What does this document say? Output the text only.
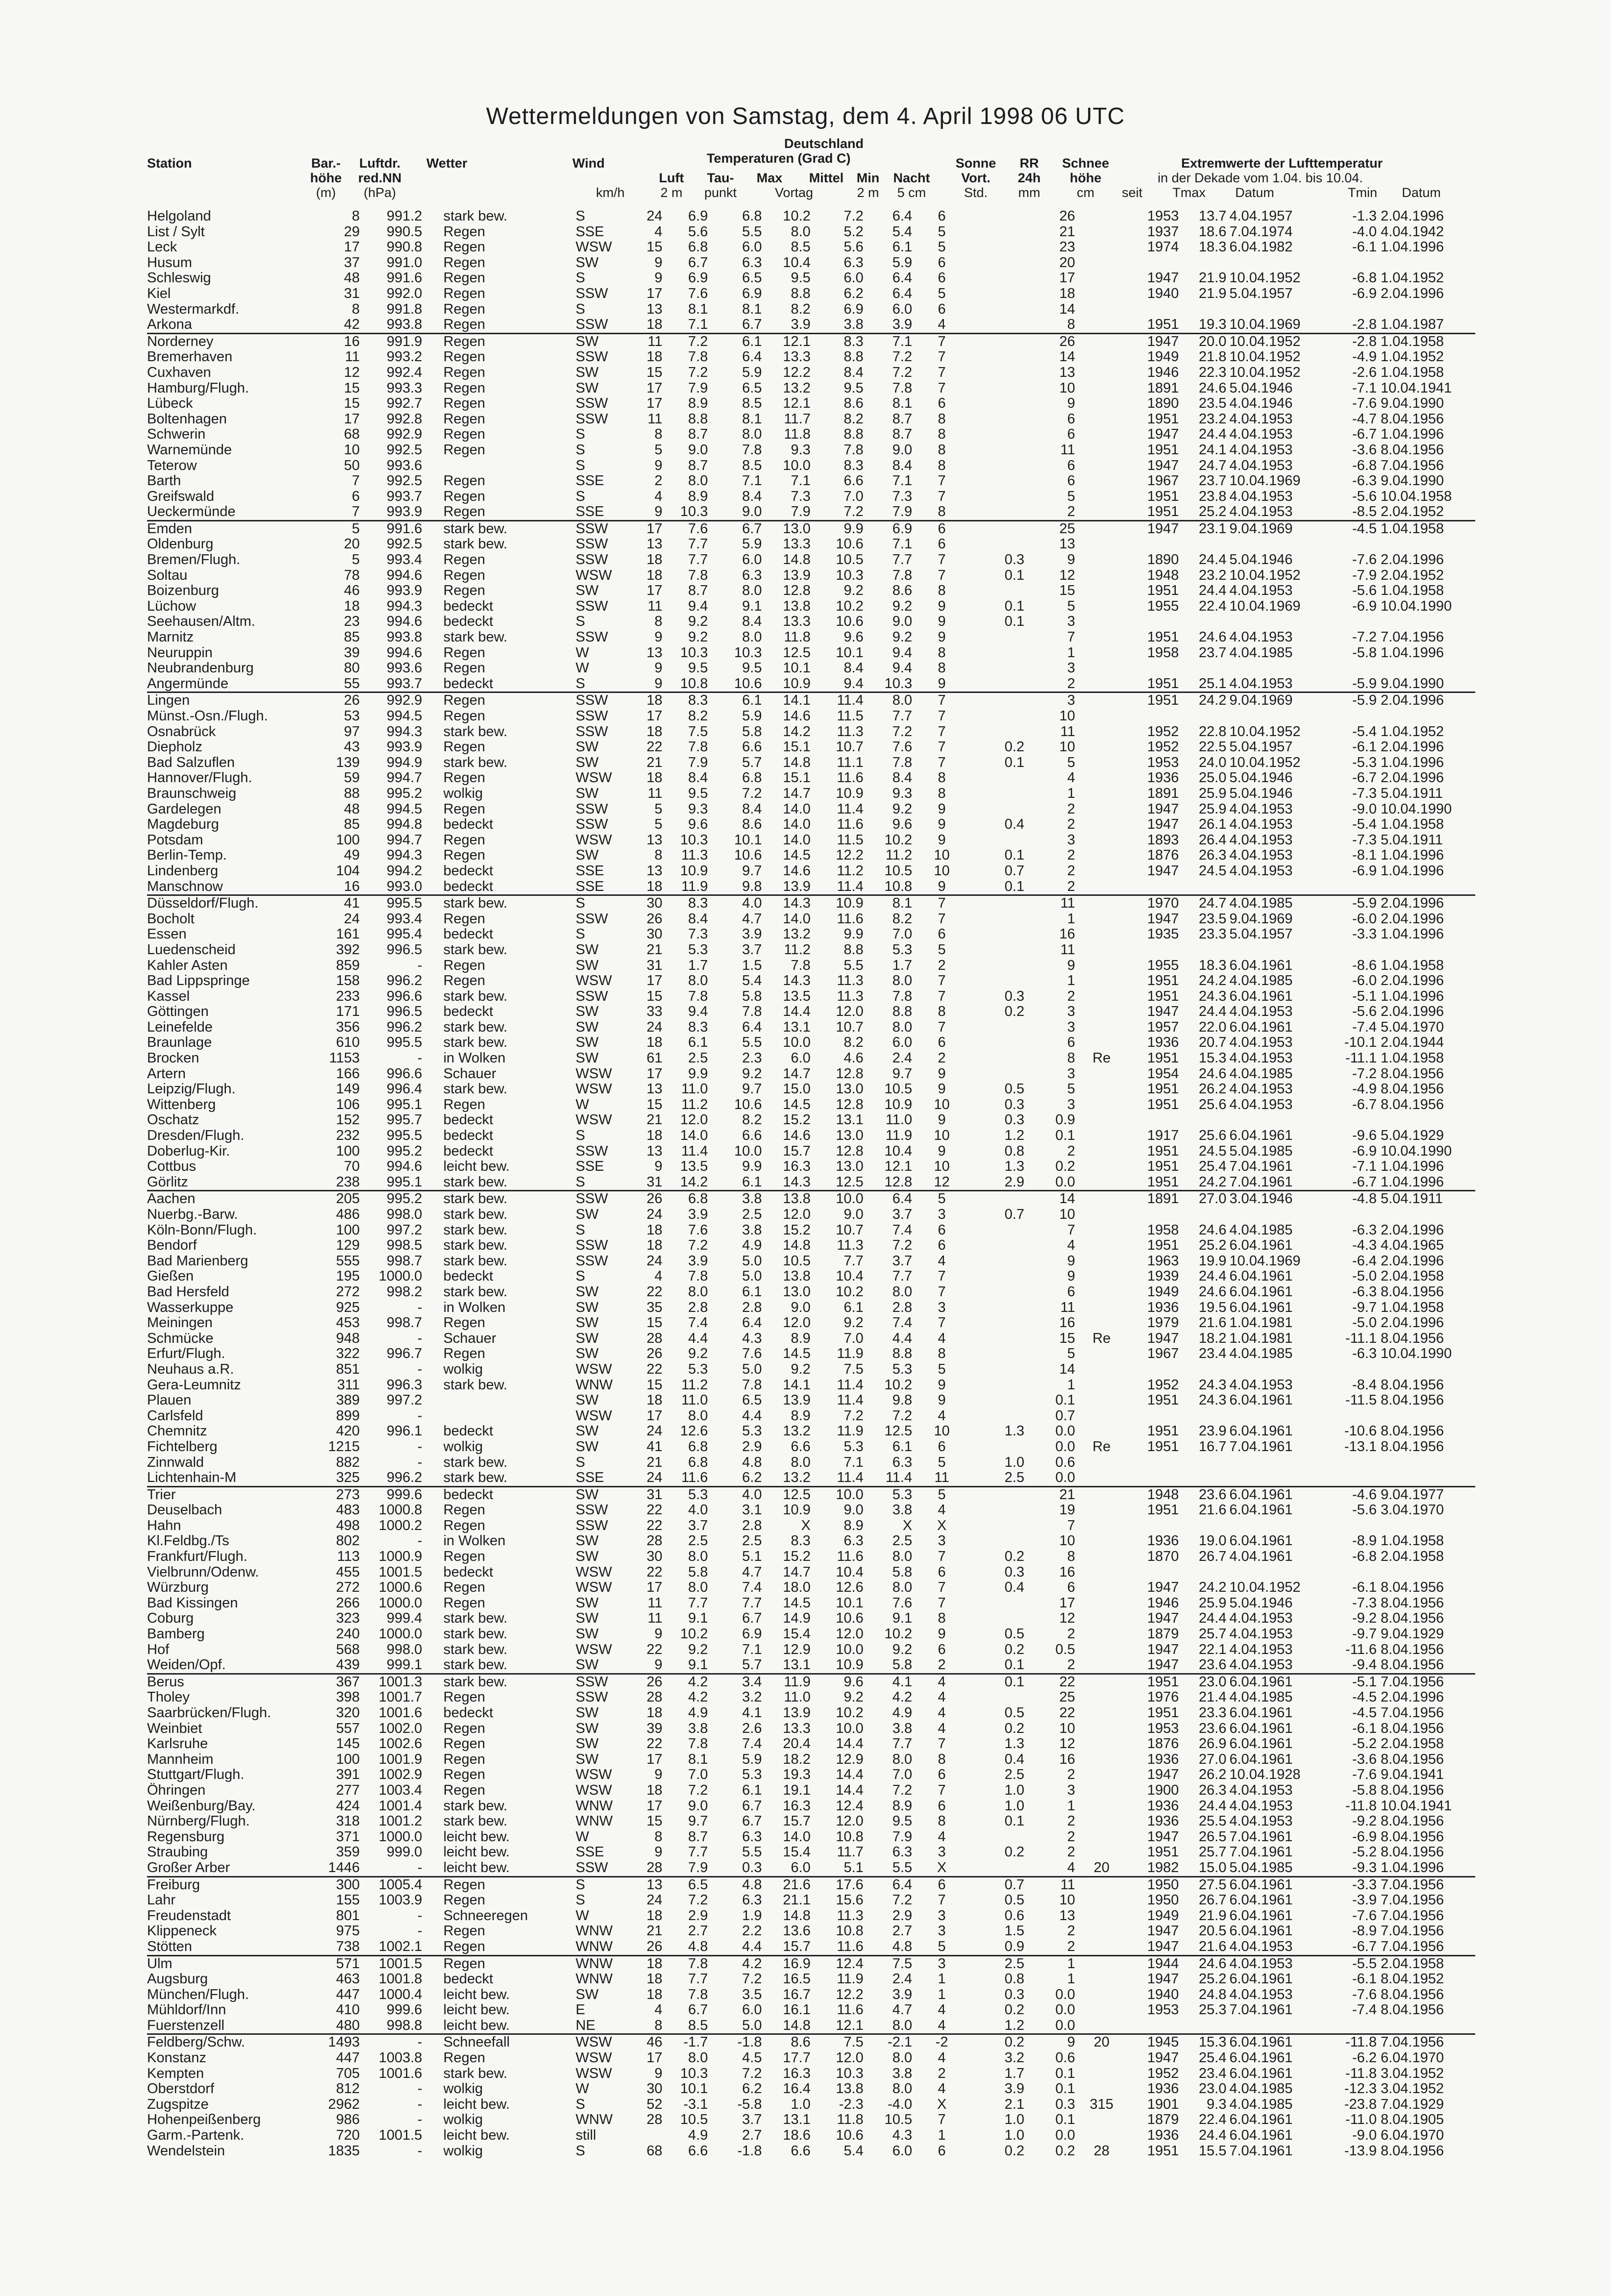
Wettermeldungen von Samstag, dem 4. April 1998 06 UTC
Station	Bar.-
höhe
(m)
Luftdr.
red.NN
(hPa)
Wetter	Wind
km/h
Deutschland
Temperaturen (Grad C)
Luft
2 m
Tau-
punkt
Max
Vortag
Mittel Min
2 m
Nacht
5 cm
Sonne
Vort.
Std.
RR
24h
mm
Schnee
höhe
cm
Extremwerte der Lufttemperatur
in der Dekade vom 1.04. bis 10.04.
seit	Tmax	Datum	Tmin	Datum
Helgoland	8	991.2		stark bew.	S	24	6.9	6.8	10.2	7.2	6.4	6		26		1953	13.7	4.04.1957	-1.3	2.04.1996
List / Sylt	29	990.5		Regen	SSE	4	5.6	5.5	8.0	5.2	5.4	5		21		1937	18.6	7.04.1974	-4.0	4.04.1942
Leck	17	990.8		Regen	WSW	15	6.8	6.0	8.5	5.6	6.1	5		23		1974	18.3	6.04.1982	-6.1	1.04.1996
Husum	37	991.0		Regen	SW	9	6.7	6.3	10.4	6.3	5.9	6		20						
Schleswig	48	991.6		Regen	S	9	6.9	6.5	9.5	6.0	6.4	6		17		1947	21.9	10.04.1952	-6.8	1.04.1952
Kiel	31	992.0		Regen	SSW	17	7.6	6.9	8.8	6.2	6.4	5		18		1940	21.9	5.04.1957	-6.9	2.04.1996
Westermarkdf.	8	991.8		Regen	S	13	8.1	8.1	8.2	6.9	6.0	6		14						
Arkona	42	993.8		Regen	SSW	18	7.1	6.7	3.9	3.8	3.9	4		8		1951	19.3	10.04.1969	-2.8	1.04.1987
Norderney	16	991.9		Regen	SW	11	7.2	6.1	12.1	8.3	7.1	7		26		1947	20.0	10.04.1952	-2.8	1.04.1958
Bremerhaven	11	993.2		Regen	SSW	18	7.8	6.4	13.3	8.8	7.2	7		14		1949	21.8	10.04.1952	-4.9	1.04.1952
Cuxhaven	12	992.4		Regen	SW	15	7.2	5.9	12.2	8.4	7.2	7		13		1946	22.3	10.04.1952	-2.6	1.04.1958
Hamburg/Flugh.	15	993.3		Regen	SW	17	7.9	6.5	13.2	9.5	7.8	7		10		1891	24.6	5.04.1946	-7.1	10.04.1941
Lübeck	15	992.7		Regen	SSW	17	8.9	8.5	12.1	8.6	8.1	6		9		1890	23.5	4.04.1946	-7.6	9.04.1990
Boltenhagen	17	992.8		Regen	SSW	11	8.8	8.1	11.7	8.2	8.7	8		6		1951	23.2	4.04.1953	-4.7	8.04.1956
Schwerin	68	992.9		Regen	S	8	8.7	8.0	11.8	8.8	8.7	8		6		1947	24.4	4.04.1953	-6.7	1.04.1996
Warnemünde	10	992.5		Regen	S	5	9.0	7.8	9.3	7.8	9.0	8		11		1951	24.1	4.04.1953	-3.6	8.04.1956
Teterow	50	993.6			S	9	8.7	8.5	10.0	8.3	8.4	8		6		1947	24.7	4.04.1953	-6.8	7.04.1956
Barth	7	992.5		Regen	SSE	2	8.0	7.1	7.1	6.6	7.1	7		6		1967	23.7	10.04.1969	-6.3	9.04.1990
Greifswald	6	993.7		Regen	S	4	8.9	8.4	7.3	7.0	7.3	7		5		1951	23.8	4.04.1953	-5.6	10.04.1958
Ueckermünde	7	993.9		Regen	SSE	9	10.3	9.0	7.9	7.2	7.9	8		2		1951	25.2	4.04.1953	-8.5	2.04.1952
Emden	5	991.6		stark bew.	SSW	17	7.6	6.7	13.0	9.9	6.9	6		25		1947	23.1	9.04.1969	-4.5	1.04.1958
Oldenburg	20	992.5		stark bew.	SSW	13	7.7	5.9	13.3	10.6	7.1	6		13						
Bremen/Flugh.	5	993.4		Regen	SSW	18	7.7	6.0	14.8	10.5	7.7	7	0.3	9		1890	24.4	5.04.1946	-7.6	2.04.1996
Soltau	78	994.6		Regen	WSW	18	7.8	6.3	13.9	10.3	7.8	7	0.1	12		1948	23.2	10.04.1952	-7.9	2.04.1952
Boizenburg	46	993.9		Regen	SW	17	8.7	8.0	12.8	9.2	8.6	8		15		1951	24.4	4.04.1953	-5.6	1.04.1958
Lüchow	18	994.3		bedeckt	SSW	11	9.4	9.1	13.8	10.2	9.2	9	0.1	5		1955	22.4	10.04.1969	-6.9	10.04.1990
Seehausen/Altm.	23	994.6		bedeckt	S	8	9.2	8.4	13.3	10.6	9.0	9	0.1	3						
Marnitz	85	993.8		stark bew.	SSW	9	9.2	8.0	11.8	9.6	9.2	9		7		1951	24.6	4.04.1953	-7.2	7.04.1956
Neuruppin	39	994.6		Regen	W	13	10.3	10.3	12.5	10.1	9.4	8		1		1958	23.7	4.04.1985	-5.8	1.04.1996
Neubrandenburg	80	993.6		Regen	W	9	9.5	9.5	10.1	8.4	9.4	8		3						
Angermünde	55	993.7		bedeckt	S	9	10.8	10.6	10.9	9.4	10.3	9		2		1951	25.1	4.04.1953	-5.9	9.04.1990
Lingen	26	992.9		Regen	SSW	18	8.3	6.1	14.1	11.4	8.0	7		3		1951	24.2	9.04.1969	-5.9	2.04.1996
Münst.-Osn./Flugh.	53	994.5		Regen	SSW	17	8.2	5.9	14.6	11.5	7.7	7		10						
Osnabrück	97	994.3		stark bew.	SSW	18	7.5	5.8	14.2	11.3	7.2	7		11		1952	22.8	10.04.1952	-5.4	1.04.1952
Diepholz	43	993.9		Regen	SW	22	7.8	6.6	15.1	10.7	7.6	7	0.2	10		1952	22.5	5.04.1957	-6.1	2.04.1996
Bad Salzuflen	139	994.9		stark bew.	SW	21	7.9	5.7	14.8	11.1	7.8	7	0.1	5		1953	24.0	10.04.1952	-5.3	1.04.1996
Hannover/Flugh.	59	994.7		Regen	WSW	18	8.4	6.8	15.1	11.6	8.4	8		4		1936	25.0	5.04.1946	-6.7	2.04.1996
Braunschweig	88	995.2		wolkig	SW	11	9.5	7.2	14.7	10.9	9.3	8		1		1891	25.9	5.04.1946	-7.3	5.04.1911
Gardelegen	48	994.5		Regen	SSW	5	9.3	8.4	14.0	11.4	9.2	9		2		1947	25.9	4.04.1953	-9.0	10.04.1990
Magdeburg	85	994.8		bedeckt	SSW	5	9.6	8.6	14.0	11.6	9.6	9	0.4	2		1947	26.1	4.04.1953	-5.4	1.04.1958
Potsdam	100	994.7		Regen	WSW	13	10.3	10.1	14.0	11.5	10.2	9		3		1893	26.4	4.04.1953	-7.3	5.04.1911
Berlin-Temp.	49	994.3		Regen	SW	8	11.3	10.6	14.5	12.2	11.2	10	0.1	2		1876	26.3	4.04.1953	-8.1	1.04.1996
Lindenberg	104	994.2		bedeckt	SSE	13	10.9	9.7	14.6	11.2	10.5	10	0.7	2		1947	24.5	4.04.1953	-6.9	1.04.1996
Manschnow	16	993.0		bedeckt	SSE	18	11.9	9.8	13.9	11.4	10.8	9	0.1	2						
Düsseldorf/Flugh.	41	995.5		stark bew.	S	30	8.3	4.0	14.3	10.9	8.1	7		11		1970	24.7	4.04.1985	-5.9	2.04.1996
Bocholt	24	993.4		Regen	SSW	26	8.4	4.7	14.0	11.6	8.2	7		1		1947	23.5	9.04.1969	-6.0	2.04.1996
Essen	161	995.4		bedeckt	S	30	7.3	3.9	13.2	9.9	7.0	6		16		1935	23.3	5.04.1957	-3.3	1.04.1996
Luedenscheid	392	996.5		stark bew.	SW	21	5.3	3.7	11.2	8.8	5.3	5		11						
Kahler Asten	859	-		Regen	SW	31	1.7	1.5	7.8	5.5	1.7	2		9		1955	18.3	6.04.1961	-8.6	1.04.1958
Bad Lippspringe	158	996.2		Regen	WSW	17	8.0	5.4	14.3	11.3	8.0	7		1		1951	24.2	4.04.1985	-6.0	2.04.1996
Kassel	233	996.6		stark bew.	SSW	15	7.8	5.8	13.5	11.3	7.8	7	0.3	2		1951	24.3	6.04.1961	-5.1	1.04.1996
Göttingen	171	996.5		bedeckt	SW	33	9.4	7.8	14.4	12.0	8.8	8	0.2	3		1947	24.4	4.04.1953	-5.6	2.04.1996
Leinefelde	356	996.2		stark bew.	SW	24	8.3	6.4	13.1	10.7	8.0	7		3		1957	22.0	6.04.1961	-7.4	5.04.1970
Braunlage	610	995.5		stark bew.	SW	18	6.1	5.5	10.0	8.2	6.0	6		6		1936	20.7	4.04.1953	-10.1	2.04.1944
Brocken	1153	-		in Wolken	SW	61	2.5	2.3	6.0	4.6	2.4	2		8	Re	1951	15.3	4.04.1953	-11.1	1.04.1958
Artern	166	996.6		Schauer	WSW	17	9.9	9.2	14.7	12.8	9.7	9		3		1954	24.6	4.04.1985	-7.2	8.04.1956
Leipzig/Flugh.	149	996.4		stark bew.	WSW	13	11.0	9.7	15.0	13.0	10.5	9	0.5	5		1951	26.2	4.04.1953	-4.9	8.04.1956
Wittenberg	106	995.1		Regen	W	15	11.2	10.6	14.5	12.8	10.9	10	0.3	3		1951	25.6	4.04.1953	-6.7	8.04.1956
Oschatz	152	995.7		bedeckt	WSW	21	12.0	8.2	15.2	13.1	11.0	9	0.3	0.9						
Dresden/Flugh.	232	995.5		bedeckt	S	18	14.0	6.6	14.6	13.0	11.9	10	1.2	0.1		1917	25.6	6.04.1961	-9.6	5.04.1929
Doberlug-Kir.	100	995.2		bedeckt	SSW	13	11.4	10.0	15.7	12.8	10.4	9	0.8	2		1951	24.5	5.04.1985	-6.9	10.04.1990
Cottbus	70	994.6		leicht bew.	SSE	9	13.5	9.9	16.3	13.0	12.1	10	1.3	0.2		1951	25.4	7.04.1961	-7.1	1.04.1996
Görlitz	238	995.1		stark bew.	S	31	14.2	6.1	14.3	12.5	12.8	12	2.9	0.0		1951	24.2	7.04.1961	-6.7	1.04.1996
Aachen	205	995.2		stark bew.	SSW	26	6.8	3.8	13.8	10.0	6.4	5		14		1891	27.0	3.04.1946	-4.8	5.04.1911
Nuerbg.-Barw.	486	998.0		stark bew.	SW	24	3.9	2.5	12.0	9.0	3.7	3	0.7	10						
Köln-Bonn/Flugh.	100	997.2		stark bew.	S	18	7.6	3.8	15.2	10.7	7.4	6		7		1958	24.6	4.04.1985	-6.3	2.04.1996
Bendorf	129	998.5		stark bew.	SSW	18	7.2	4.9	14.8	11.3	7.2	6		4		1951	25.2	6.04.1961	-4.3	4.04.1965
Bad Marienberg	555	998.7		stark bew.	SSW	24	3.9	5.0	10.5	7.7	3.7	4		9		1963	19.9	10.04.1969	-6.4	2.04.1996
Gießen	195	1000.0		bedeckt	S	4	7.8	5.0	13.8	10.4	7.7	7		9		1939	24.4	6.04.1961	-5.0	2.04.1958
Bad Hersfeld	272	998.2		stark bew.	SW	22	8.0	6.1	13.0	10.2	8.0	7		6		1949	24.6	6.04.1961	-6.3	8.04.1956
Wasserkuppe	925	-		in Wolken	SW	35	2.8	2.8	9.0	6.1	2.8	3		11		1936	19.5	6.04.1961	-9.7	1.04.1958
Meiningen	453	998.7		Regen	SW	15	7.4	6.4	12.0	9.2	7.4	7		16		1979	21.6	1.04.1981	-5.0	2.04.1996
Schmücke	948	-		Schauer	SW	28	4.4	4.3	8.9	7.0	4.4	4		15	Re	1947	18.2	1.04.1981	-11.1	8.04.1956
Erfurt/Flugh.	322	996.7		Regen	SW	26	9.2	7.6	14.5	11.9	8.8	8		5		1967	23.4	4.04.1985	-6.3	10.04.1990
Neuhaus a.R.	851	-		wolkig	WSW	22	5.3	5.0	9.2	7.5	5.3	5		14						
Gera-Leumnitz	311	996.3		stark bew.	WNW	15	11.2	7.8	14.1	11.4	10.2	9		1		1952	24.3	4.04.1953	-8.4	8.04.1956
Plauen	389	997.2			SW	18	11.0	6.5	13.9	11.4	9.8	9		0.1		1951	24.3	6.04.1961	-11.5	8.04.1956
Carlsfeld	899	-			WSW	17	8.0	4.4	8.9	7.2	7.2	4		0.7						
Chemnitz	420	996.1		bedeckt	SW	24	12.6	5.3	13.2	11.9	12.5	10	1.3	0.0		1951	23.9	6.04.1961	-10.6	8.04.1956
Fichtelberg	1215	-		wolkig	SW	41	6.8	2.9	6.6	5.3	6.1	6		0.0	Re	1951	16.7	7.04.1961	-13.1	8.04.1956
Zinnwald	882	-		stark bew.	S	21	6.8	4.8	8.0	7.1	6.3	5	1.0	0.6						
Lichtenhain-M	325	996.2		stark bew.	SSE	24	11.6	6.2	13.2	11.4	11.4	11	2.5	0.0						
Trier	273	999.6		bedeckt	SW	31	5.3	4.0	12.5	10.0	5.3	5		21		1948	23.6	6.04.1961	-4.6	9.04.1977
Deuselbach	483	1000.8		Regen	SSW	22	4.0	3.1	10.9	9.0	3.8	4		19		1951	21.6	6.04.1961	-5.6	3.04.1970
Hahn	498	1000.2		Regen	SSW	22	3.7	2.8	X	8.9	X	X		7						
Kl.Feldbg./Ts	802	-		in Wolken	SW	28	2.5	2.5	8.3	6.3	2.5	3		10		1936	19.0	6.04.1961	-8.9	1.04.1958
Frankfurt/Flugh.	113	1000.9		Regen	SW	30	8.0	5.1	15.2	11.6	8.0	7	0.2	8		1870	26.7	4.04.1961	-6.8	2.04.1958
Vielbrunn/Odenw.	455	1001.5		bedeckt	WSW	22	5.8	4.7	14.7	10.4	5.8	6	0.3	16						
Würzburg	272	1000.6		Regen	WSW	17	8.0	7.4	18.0	12.6	8.0	7	0.4	6		1947	24.2	10.04.1952	-6.1	8.04.1956
Bad Kissingen	266	1000.0		Regen	SW	11	7.7	7.7	14.5	10.1	7.6	7		17		1946	25.9	5.04.1946	-7.3	8.04.1956
Coburg	323	999.4		stark bew.	SW	11	9.1	6.7	14.9	10.6	9.1	8		12		1947	24.4	4.04.1953	-9.2	8.04.1956
Bamberg	240	1000.0		stark bew.	SW	9	10.2	6.9	15.4	12.0	10.2	9	0.5	2		1879	25.7	4.04.1953	-9.7	9.04.1929
Hof	568	998.0		stark bew.	WSW	22	9.2	7.1	12.9	10.0	9.2	6	0.2	0.5		1947	22.1	4.04.1953	-11.6	8.04.1956
Weiden/Opf.	439	999.1		stark bew.	SW	9	9.1	5.7	13.1	10.9	5.8	2	0.1	2		1947	23.6	4.04.1953	-9.4	8.04.1956
Berus	367	1001.3		stark bew.	SSW	26	4.2	3.4	11.9	9.6	4.1	4	0.1	22		1951	23.0	6.04.1961	-5.1	7.04.1956
Tholey	398	1001.7		Regen	SSW	28	4.2	3.2	11.0	9.2	4.2	4		25		1976	21.4	4.04.1985	-4.5	2.04.1996
Saarbrücken/Flugh.	320	1001.6		bedeckt	SW	18	4.9	4.1	13.9	10.2	4.9	4	0.5	22		1951	23.3	6.04.1961	-4.5	7.04.1956
Weinbiet	557	1002.0		Regen	SW	39	3.8	2.6	13.3	10.0	3.8	4	0.2	10		1953	23.6	6.04.1961	-6.1	8.04.1956
Karlsruhe	145	1002.6		Regen	SW	22	7.8	7.4	20.4	14.4	7.7	7	1.3	12		1876	26.9	6.04.1961	-5.2	2.04.1958
Mannheim	100	1001.9		Regen	SW	17	8.1	5.9	18.2	12.9	8.0	8	0.4	16		1936	27.0	6.04.1961	-3.6	8.04.1956
Stuttgart/Flugh.	391	1002.9		Regen	WSW	9	7.0	5.3	19.3	14.4	7.0	6	2.5	2		1947	26.2	10.04.1928	-7.6	9.04.1941
Öhringen	277	1003.4		Regen	WSW	18	7.2	6.1	19.1	14.4	7.2	7	1.0	3		1900	26.3	4.04.1953	-5.8	8.04.1956
Weißenburg/Bay.	424	1001.4		stark bew.	WNW	17	9.0	6.7	16.3	12.4	8.9	6	1.0	1		1936	24.4	4.04.1953	-11.8	10.04.1941
Nürnberg/Flugh.	318	1001.2		stark bew.	WNW	15	9.7	6.7	15.7	12.0	9.5	8	0.1	2		1936	25.5	4.04.1953	-9.2	8.04.1956
Regensburg	371	1000.0		leicht bew.	W	8	8.7	6.3	14.0	10.8	7.9	4		2		1947	26.5	7.04.1961	-6.9	8.04.1956
Straubing	359	999.0		leicht bew.	SSE	9	7.7	5.5	15.4	11.7	6.3	3	0.2	2		1951	25.7	7.04.1961	-5.2	8.04.1956
Großer Arber	1446	-		leicht bew.	SSW	28	7.9	0.3	6.0	5.1	5.5	X		4	20	1982	15.0	5.04.1985	-9.3	1.04.1996
Freiburg	300	1005.4		Regen	S	13	6.5	4.8	21.6	17.6	6.4	6	0.7	11		1950	27.5	6.04.1961	-3.3	7.04.1956
Lahr	155	1003.9		Regen	S	24	7.2	6.3	21.1	15.6	7.2	7	0.5	10		1950	26.7	6.04.1961	-3.9	7.04.1956
Freudenstadt	801	-		Schneeregen	W	18	2.9	1.9	14.8	11.3	2.9	3	0.6	13		1949	21.9	6.04.1961	-7.6	7.04.1956
Klippeneck	975	-		Regen	WNW	21	2.7	2.2	13.6	10.8	2.7	3	1.5	2		1947	20.5	6.04.1961	-8.9	7.04.1956
Stötten	738	1002.1		Regen	WNW	26	4.8	4.4	15.7	11.6	4.8	5	0.9	2		1947	21.6	4.04.1953	-6.7	7.04.1956
Ulm	571	1001.5		Regen	WNW	18	7.8	4.2	16.9	12.4	7.5	3	2.5	1		1944	24.6	4.04.1953	-5.5	2.04.1958
Augsburg	463	1001.8		bedeckt	WNW	18	7.7	7.2	16.5	11.9	2.4	1	0.8	1		1947	25.2	6.04.1961	-6.1	8.04.1952
München/Flugh.	447	1000.4		leicht bew.	SW	18	7.8	3.5	16.7	12.2	3.9	1	0.3	0.0		1940	24.8	4.04.1953	-7.6	8.04.1956
Mühldorf/Inn	410	999.6		leicht bew.	E	4	6.7	6.0	16.1	11.6	4.7	4	0.2	0.0		1953	25.3	7.04.1961	-7.4	8.04.1956
Fuerstenzell	480	998.8		leicht bew.	NE	8	8.5	5.0	14.8	12.1	8.0	4	1.2	0.0						
Feldberg/Schw.	1493	-		Schneefall	WSW	46	-1.7	-1.8	8.6	7.5	-2.1	-2	0.2	9	20	1945	15.3	6.04.1961	-11.8	7.04.1956
Konstanz	447	1003.8		Regen	WSW	17	8.0	4.5	17.7	12.0	8.0	4	3.2	0.6		1947	25.4	6.04.1961	-6.2	6.04.1970
Kempten	705	1001.6		stark bew.	WSW	9	10.3	7.2	16.3	10.3	3.8	2	1.7	0.1		1952	23.4	6.04.1961	-11.8	3.04.1952
Oberstdorf	812	-		wolkig	W	30	10.1	6.2	16.4	13.8	8.0	4	3.9	0.1		1936	23.0	4.04.1985	-12.3	3.04.1952
Zugspitze	2962	-		leicht bew.	S	52	-3.1	-5.8	1.0	-2.3	-4.0	X	2.1	0.3	315	1901	9.3	4.04.1985	-23.8	7.04.1929
Hohenpeißenberg	986	-		wolkig	WNW	28	10.5	3.7	13.1	11.8	10.5	7	1.0	0.1		1879	22.4	6.04.1961	-11.0	8.04.1905
Garm.-Partenk.	720	1001.5		leicht bew.	still		4.9	2.7	18.6	10.6	4.3	1	1.0	0.0		1936	24.4	6.04.1961	-9.0	6.04.1970
Wendelstein	1835	-		wolkig	S	68	6.6	-1.8	6.6	5.4	6.0	6	0.2	0.2	28	1951	15.5	7.04.1961	-13.9	8.04.1956
